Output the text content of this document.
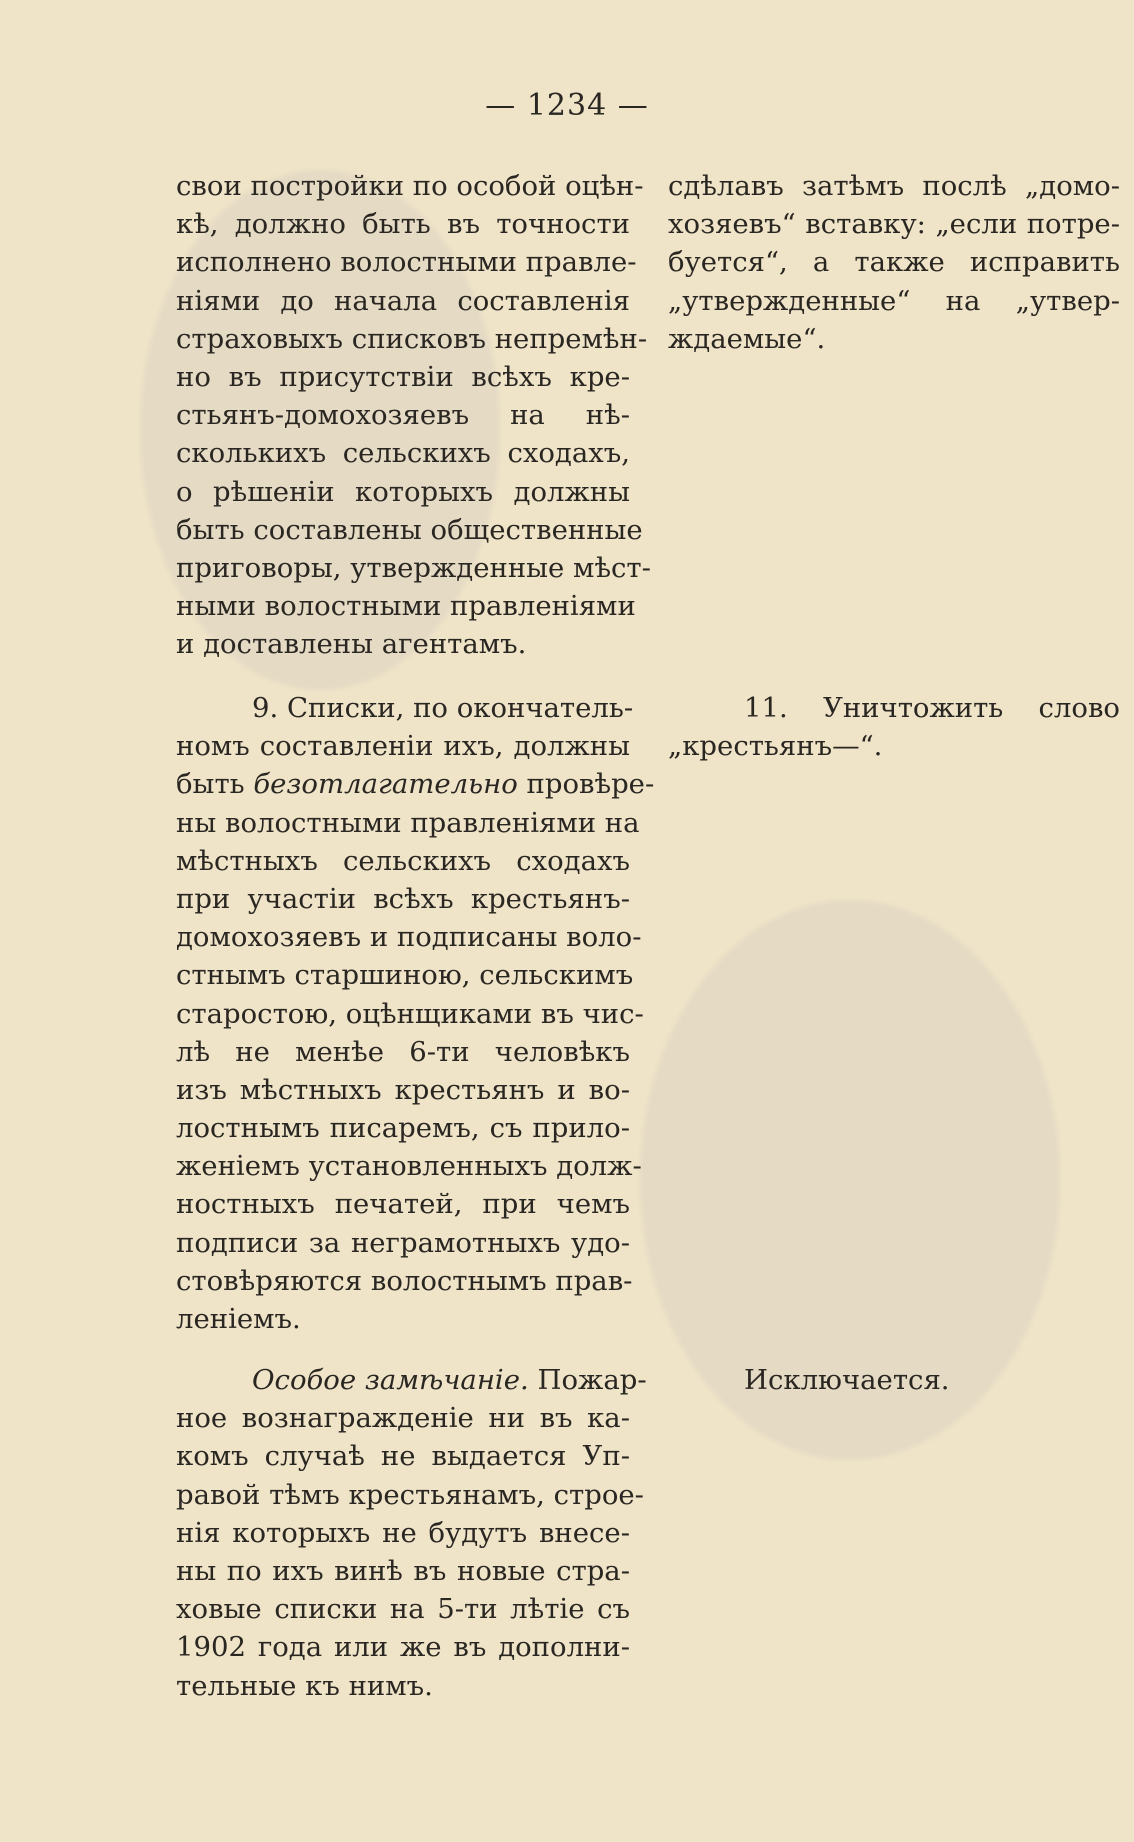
— 1234 —
свои постройки по особой оцѣн-
кѣ, должно быть въ точности
исполнено волостными правле-
ніями до начала составленія
страховыхъ списковъ непремѣн-
но въ присутствіи всѣхъ кре-
стьянъ-домохозяевъ на нѣ-
сколькихъ сельскихъ сходахъ,
о рѣшеніи которыхъ должны
быть составлены общественные
приговоры, утвержденные мѣст-
ными волостными правленіями
и доставлены агентамъ.
9. Списки, по окончатель-
номъ составленіи ихъ, должны
быть безотлагательно провѣре-
ны волостными правленіями на
мѣстныхъ сельскихъ сходахъ
при участіи всѣхъ крестьянъ-
домохозяевъ и подписаны воло-
стнымъ старшиною, сельскимъ
старостою, оцѣнщиками въ чис-
лѣ не менѣе 6-ти человѣкъ
изъ мѣстныхъ крестьянъ и во-
лостнымъ писаремъ, съ прило-
женіемъ установленныхъ долж-
ностныхъ печатей, при чемъ
подписи за неграмотныхъ удо-
стовѣряются волостнымъ прав-
леніемъ.
Особое замѣчаніе. Пожар-
ное вознагражденіе ни въ ка-
комъ случаѣ не выдается Уп-
равой тѣмъ крестьянамъ, строе-
нія которыхъ не будутъ внесе-
ны по ихъ винѣ въ новые стра-
ховые списки на 5-ти лѣтіе съ
1902 года или же въ дополни-
тельные къ нимъ.
сдѣлавъ затѣмъ послѣ „домо-
хозяевъ“ вставку: „если потре-
буется“, а также исправить
„утвержденные“ на „утвер-
ждаемые“.
11. Уничтожить слово
„крестьянъ—“.
Исключается.
